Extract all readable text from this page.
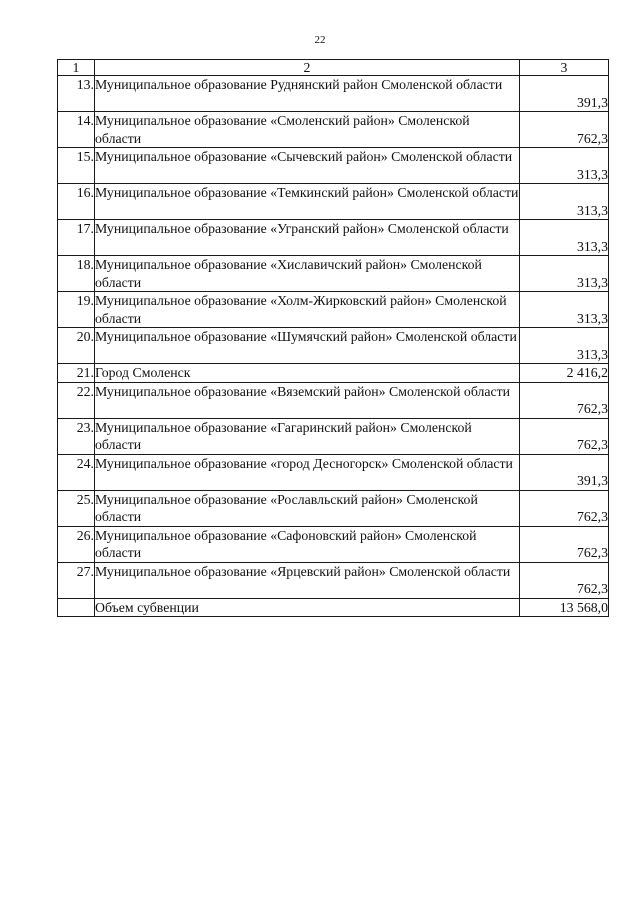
22
1	2	3
13.	Муниципальное образование Руднянский район Смоленской области	391,3
14.	Муниципальное образование «Смоленский район» Смоленской области	762,3
15.	Муниципальное образование «Сычевский район» Смоленской области	313,3
16.	Муниципальное образование «Темкинский район» Смоленской области	313,3
17.	Муниципальное образование «Угранский район» Смоленской области	313,3
18.	Муниципальное образование «Хиславичский район» Смоленской области	313,3
19.	Муниципальное образование «Холм-Жирковский район» Смоленской области	313,3
20.	Муниципальное образование «Шумячский район» Смоленской области	313,3
21.	Город Смоленск	2 416,2
22.	Муниципальное образование «Вяземский район» Смоленской области	762,3
23.	Муниципальное образование «Гагаринский район» Смоленской области	762,3
24.	Муниципальное образование «город Десногорск» Смоленской области	391,3
25.	Муниципальное образование «Рославльский район» Смоленской области	762,3
26.	Муниципальное образование «Сафоновский район» Смоленской области	762,3
27.	Муниципальное образование «Ярцевский район» Смоленской области	762,3
	Объем субвенции	13 568,0
